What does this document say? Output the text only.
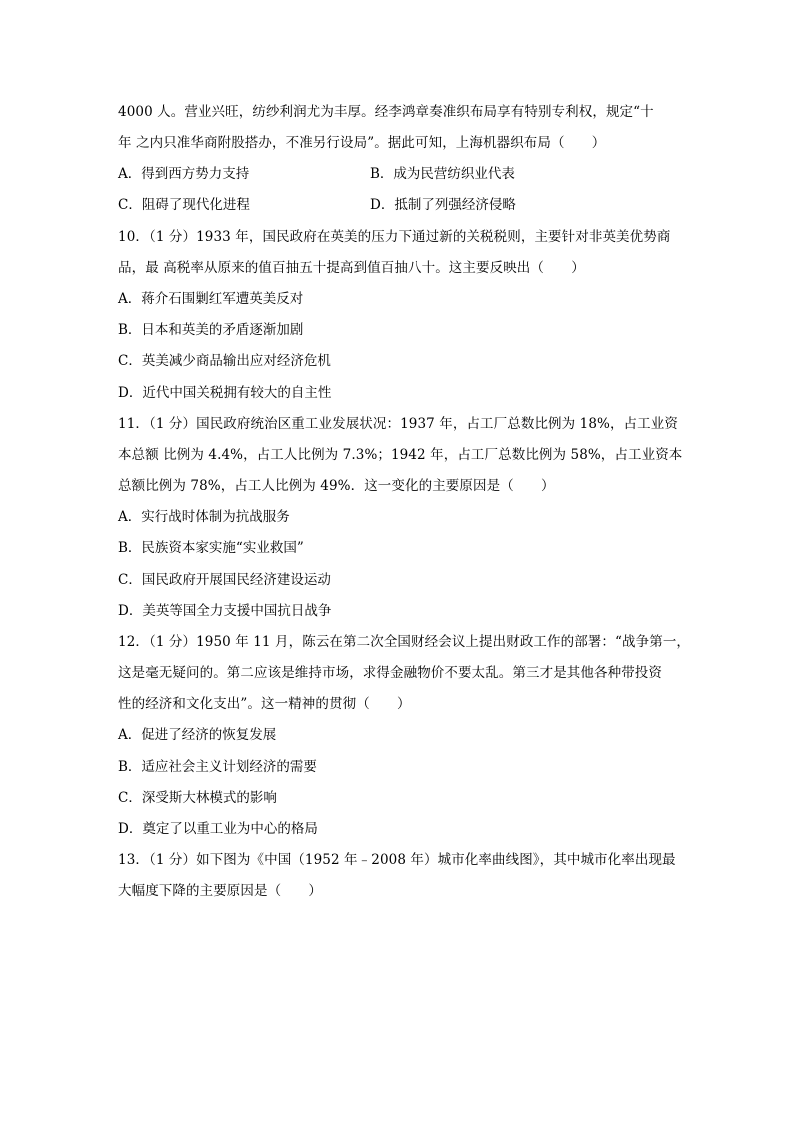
4000 人。营业兴旺，纺纱利润尤为丰厚。经李鸿章奏准织布局享有特别专利权，规定“十
年 之内只准华商附股搭办，不准另行设局”。据此可知，上海机器织布局（　　）
A．得到西方势力支持	B．成为民营纺织业代表
C．阻碍了现代化进程	D．抵制了列强经济侵略
10．（1 分）1933 年，国民政府在英美的压力下通过新的关税税则，主要针对非英美优势商
品，最 高税率从原来的值百抽五十提高到值百抽八十。这主要反映出（　　）
A．蒋介石围剿红军遭英美反对
B．日本和英美的矛盾逐渐加剧
C．英美减少商品输出应对经济危机
D．近代中国关税拥有较大的自主性
11．（1 分）国民政府统治区重工业发展状况：1937 年，占工厂总数比例为 18%，占工业资
本总额 比例为 4.4%，占工人比例为 7.3%；1942 年，占工厂总数比例为 58%，占工业资本
总额比例为 78%，占工人比例为 49%．这一变化的主要原因是（　　）
A．实行战时体制为抗战服务
B．民族资本家实施“实业救国”
C．国民政府开展国民经济建设运动
D．美英等国全力支援中国抗日战争
12．（1 分）1950 年 11 月，陈云在第二次全国财经会议上提出财政工作的部署：“战争第一，
这是毫无疑问的。第二应该是维持市场，求得金融物价不要太乱。第三才是其他各种带投资
性的经济和文化支出”。这一精神的贯彻（　　）
A．促进了经济的恢复发展
B．适应社会主义计划经济的需要
C．深受斯大林模式的影响
D．奠定了以重工业为中心的格局
13．（1 分）如下图为《中国（1952 年﹣2008 年）城市化率曲线图》，其中城市化率出现最
大幅度下降的主要原因是（　　）
